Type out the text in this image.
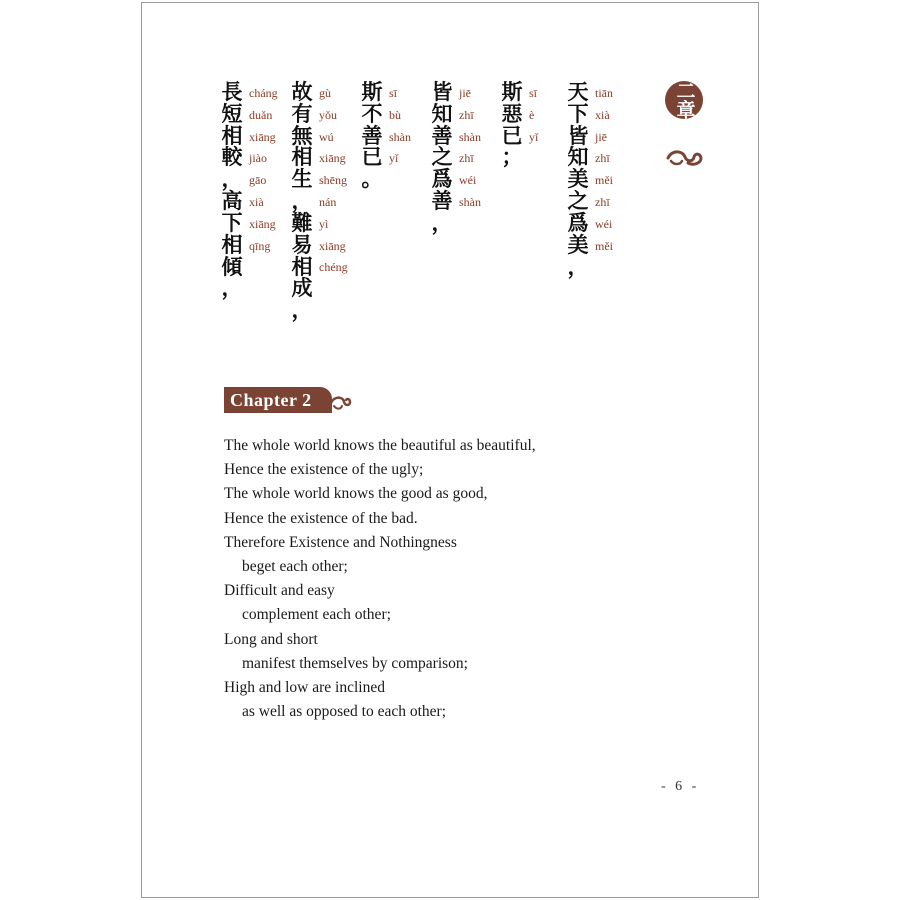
天
下
皆
知
美
之
爲
美
，
tiān
xià
jiē
zhī
měi
zhī
wéi
měi
斯
惡
已
；
sī
è
yǐ
皆
知
善
之
爲
善
，
jiē
zhī
shàn
zhī
wéi
shàn
斯
不
善
已
。
sī
bù
shàn
yǐ
故
有
無
相
生
，
難
易
相
成
，
gù
yǒu
wú
xiāng
shēng
nán
yì
xiāng
chéng
長
短
相
較
，
高
下
相
傾
，
cháng
duǎn
xiāng
jiào
gāo
xià
xiāng
qīng
二章
Chapter 2
The whole world knows the beautiful as beautiful,
Hence the existence of the ugly;
The whole world knows the good as good,
Hence the existence of the bad.
Therefore Existence and Nothingness
beget each other;
Difficult and easy
complement each other;
Long and short
manifest themselves by comparison;
High and low are inclined
as well as opposed to each other;
- 6 -
